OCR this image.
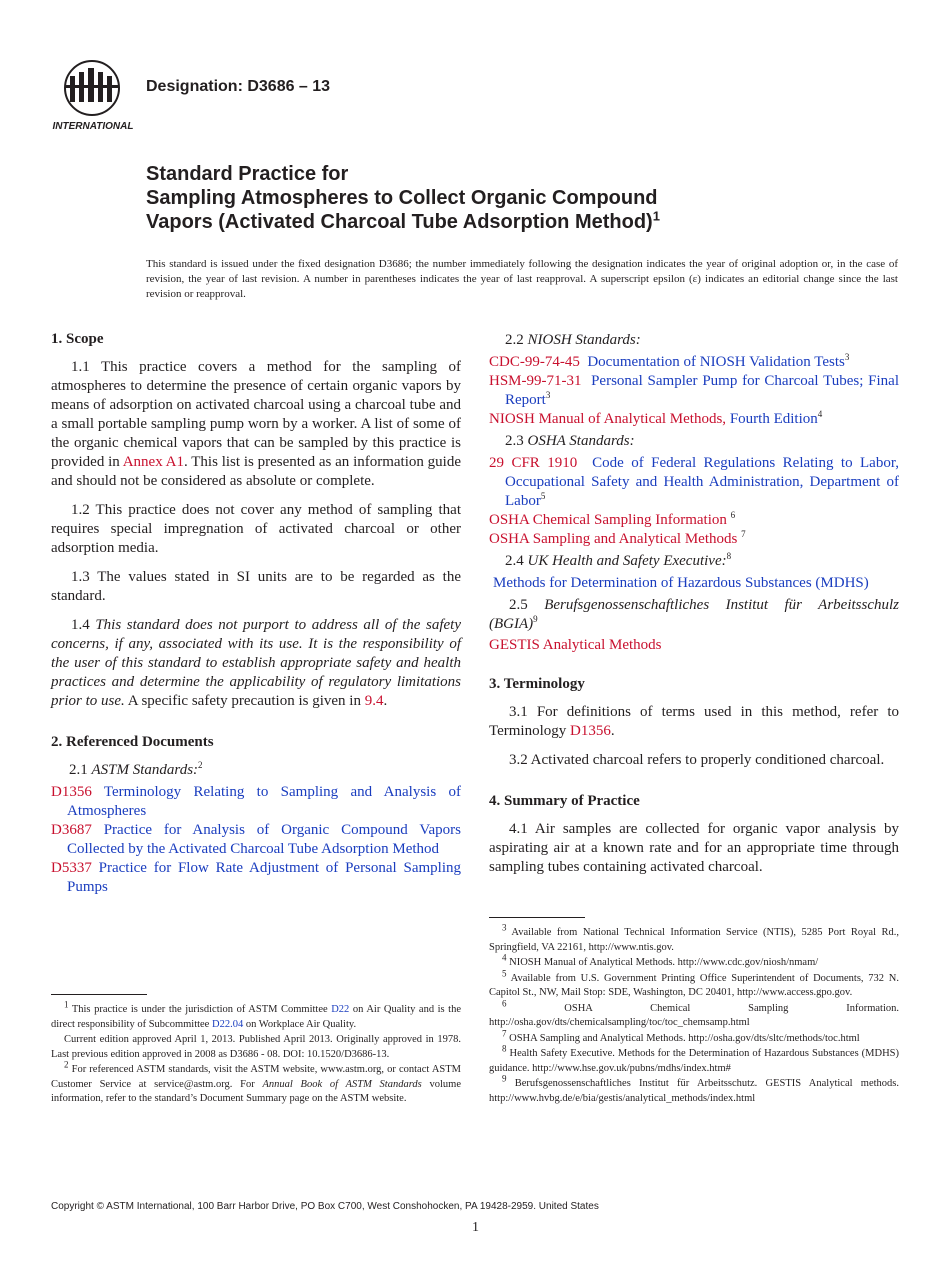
INTERNATIONAL
Designation: D3686 – 13
Standard Practice for
Sampling Atmospheres to Collect Organic Compound
Vapors (Activated Charcoal Tube Adsorption Method)$^1$
This standard is issued under the fixed designation D3686; the number immediately following the designation indicates the year of original adoption or, in the case of revision, the year of last revision. A number in parentheses indicates the year of last reapproval. A superscript epsilon (ε) indicates an editorial change since the last revision or reapproval.
1. Scope

1.1 This practice covers a method for the sampling of atmospheres to determine the presence of certain organic vapors by means of adsorption on activated charcoal using a charcoal tube and a small portable sampling pump worn by a worker. A list of some of the organic chemical vapors that can be sampled by this practice is provided in Annex A1. This list is presented as an information guide and should not be considered as absolute or complete.

1.2 This practice does not cover any method of sampling that requires special impregnation of activated charcoal or other adsorption media.

1.3 The values stated in SI units are to be regarded as the standard.

1.4 This standard does not purport to address all of the safety concerns, if any, associated with its use. It is the responsibility of the user of this standard to establish appropriate safety and health practices and determine the applicability of regulatory limitations prior to use. A specific safety precaution is given in 9.4.

2. Referenced Documents

2.1 ASTM Standards:$^2$

D1356 Terminology Relating to Sampling and Analysis of Atmospheres
D3687 Practice for Analysis of Organic Compound Vapors Collected by the Activated Charcoal Tube Adsorption Method
D5337 Practice for Flow Rate Adjustment of Personal Sampling Pumps

2.2 NIOSH Standards:

CDC-99-74-45 Documentation of NIOSH Validation Tests$^3$
HSM-99-71-31 Personal Sampler Pump for Charcoal Tubes; Final Report$^3$
NIOSH Manual of Analytical Methods, Fourth Edition$^4$

2.3 OSHA Standards:

29 CFR 1910 Code of Federal Regulations Relating to Labor, Occupational Safety and Health Administration, Department of Labor$^5$
OSHA Chemical Sampling Information $^6$
OSHA Sampling and Analytical Methods $^7$

2.4 UK Health and Safety Executive:$^8$

Methods for Determination of Hazardous Substances (MDHS)

2.5 Berufsgenossenschaftliches Institut für Arbeitsschulz (BGIA)$^9$

GESTIS Analytical Methods
3. Terminology

3.1 For definitions of terms used in this method, refer to Terminology D1356.

3.2 Activated charcoal refers to properly conditioned charcoal.

4. Summary of Practice

4.1 Air samples are collected for organic vapor analysis by aspirating air at a known rate and for an appropriate time through sampling tubes containing activated charcoal.

$^1$ This practice is under the jurisdiction of ASTM Committee D22 on Air Quality and is the direct responsibility of Subcommittee D22.04 on Workplace Air Quality.

Current edition approved April 1, 2013. Published April 2013. Originally approved in 1978. Last previous edition approved in 2008 as D3686 - 08. DOI: 10.1520/D3686-13.

$^2$ For referenced ASTM standards, visit the ASTM website, www.astm.org, or contact ASTM Customer Service at service@astm.org. For Annual Book of ASTM Standards volume information, refer to the standard’s Document Summary page on the ASTM website.

$^3$ Available from National Technical Information Service (NTIS), 5285 Port Royal Rd., Springfield, VA 22161, http://www.ntis.gov.

$^4$ NIOSH Manual of Analytical Methods. http://www.cdc.gov/niosh/nmam/

$^5$ Available from U.S. Government Printing Office Superintendent of Documents, 732 N. Capitol St., NW, Mail Stop: SDE, Washington, DC 20401, http://www.access.gpo.gov.

$^6$ OSHA Chemical Sampling Information. http://osha.gov/dts/chemicalsampling/toc/toc_chemsamp.html

$^7$ OSHA Sampling and Analytical Methods. http://osha.gov/dts/sltc/methods/toc.html

$^8$ Health Safety Executive. Methods for the Determination of Hazardous Substances (MDHS) guidance. http://www.hse.gov.uk/pubns/mdhs/index.htm#

$^9$ Berufsgenossenschaftliches Institut für Arbeitsschutz. GESTIS Analytical methods. http://www.hvbg.de/e/bia/gestis/analytical_methods/index.html

Copyright © ASTM International, 100 Barr Harbor Drive, PO Box C700, West Conshohocken, PA 19428-2959. United States
1
